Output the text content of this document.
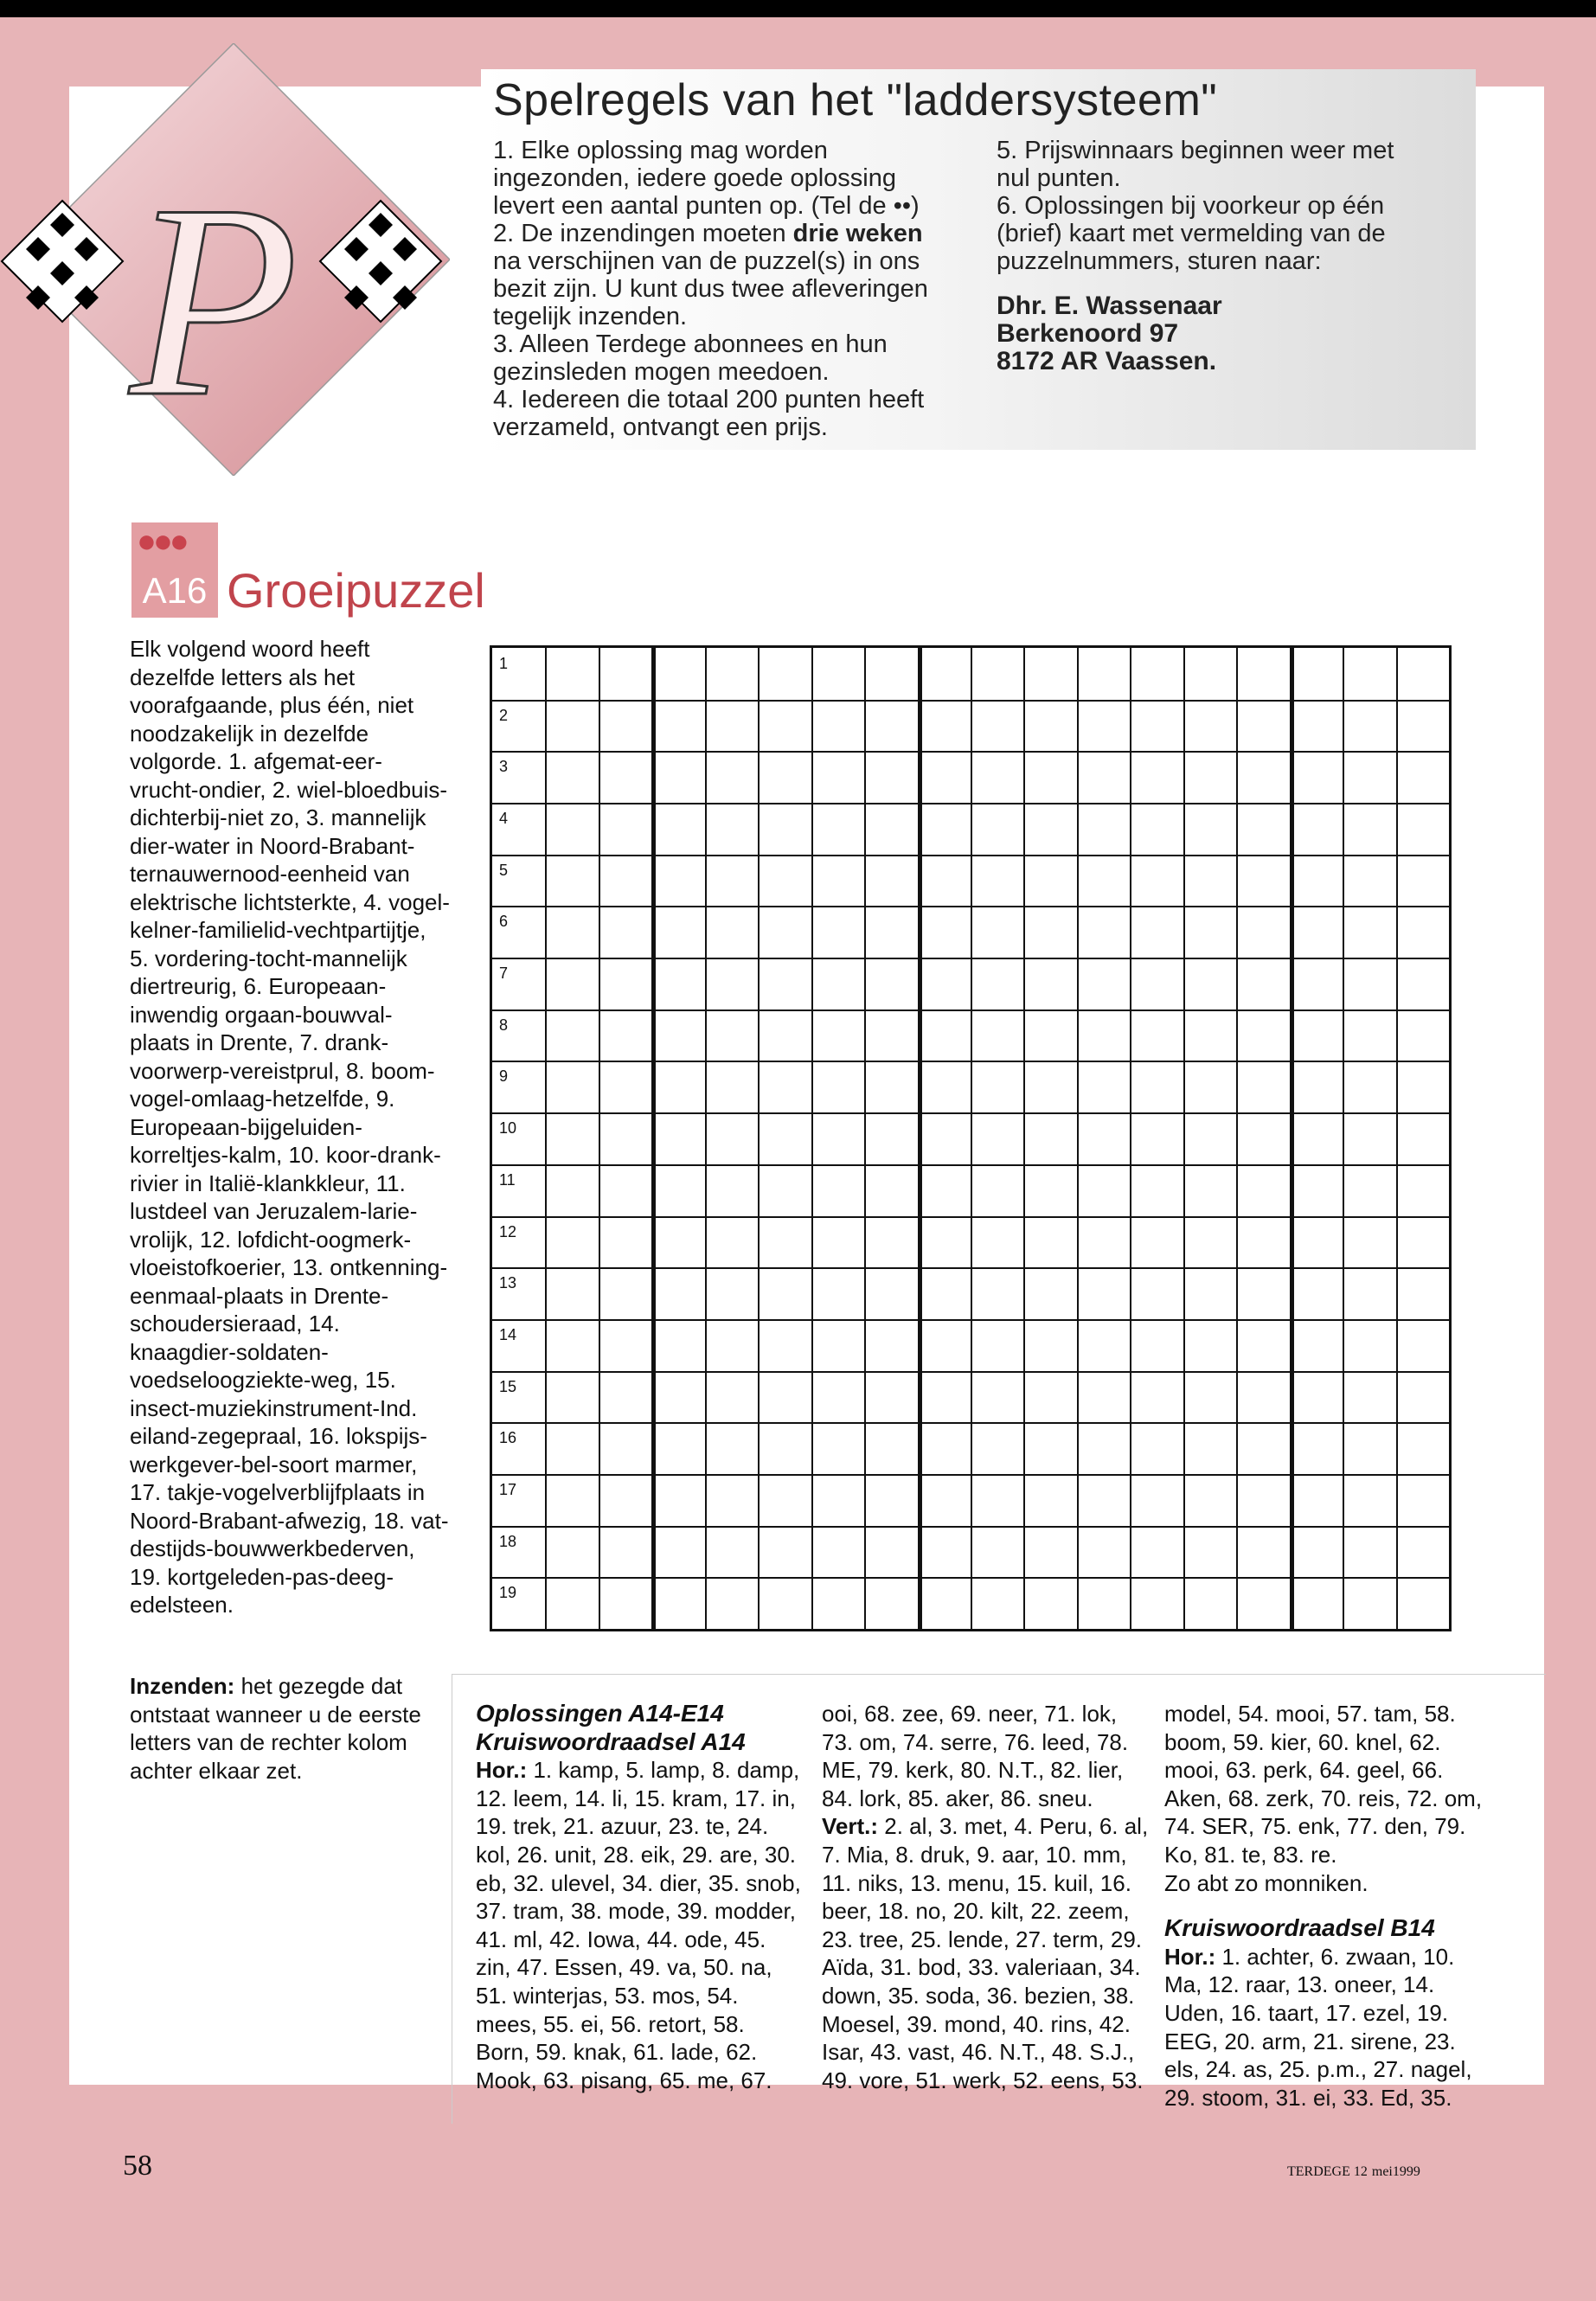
P
Spelregels van het "laddersysteem"

1. Elke oplossing mag worden ingezonden, iedere goede oplossing levert een aantal punten op. (Tel de ••)

2. De inzendingen moeten drie weken na verschijnen van de puzzel(s) in ons bezit zijn. U kunt dus twee afleveringen tegelijk inzenden.

3. Alleen Terdege abonnees en hun gezinsleden mogen meedoen.

4. Iedereen die totaal 200 punten heeft verzameld, ontvangt een prijs.

5. Prijswinnaars beginnen weer met nul punten.

6. Oplossingen bij voorkeur op één (brief) kaart met vermelding van de puzzelnummers, sturen naar:

Dhr. E. Wassenaar
Berkenoord 97
8172 AR Vaassen.

●●●
A16 Groeipuzzel
Elk volgend woord heeft dezelfde letters als het voorafgaande, plus één, niet noodzakelijk in dezelfde volgorde. 1. afgemat-eer-vrucht-ondier, 2. wiel-bloedbuis-dichterbij-niet zo, 3. mannelijk dier-water in Noord-Brabant-ternauwernood-eenheid van elektrische lichtsterkte, 4. vogel-kelner-familielid-vechtpartijtje, 5. vordering-tocht-mannelijk diertreurig, 6. Europeaan-inwendig orgaan-bouwval-plaats in Drente, 7. drank-voorwerp-vereistprul, 8. boom-vogel-omlaag-hetzelfde, 9. Europeaan-bijgeluiden-korreltjes-kalm, 10. koor-drank-rivier in Italië-klankkleur, 11. lustdeel van Jeruzalem-larie-vrolijk, 12. lofdicht-oogmerk-vloeistofkoerier, 13. ontkenning-eenmaal-plaats in Drente-schoudersieraad, 14. knaagdier-soldaten-voedseloogziekte-weg, 15. insect-muziekinstrument-Ind. eiland-zegepraal, 16. lokspijs-werkgever-bel-soort marmer, 17. takje-vogelverblijfplaats in Noord-Brabant-afwezig, 18. vat-destijds-bouwwerkbederven, 19. kortgeleden-pas-deeg-edelsteen.
Inzenden: het gezegde dat ontstaat wanneer u de eerste letters van de rechter kolom achter elkaar zet.
1
2
3
4
5
6
7
8
9
10
11
12
13
14
15
16
17
18
19
Oplossingen A14-E14
Kruiswoordraadsel A14
Hor.: 1. kamp, 5. lamp, 8. damp, 12. leem, 14. li, 15. kram, 17. in, 19. trek, 21. azuur, 23. te, 24. kol, 26. unit, 28. eik, 29. are, 30. eb, 32. ulevel, 34. dier, 35. snob, 37. tram, 38. mode, 39. modder, 41. ml, 42. Iowa, 44. ode, 45. zin, 47. Essen, 49. va, 50. na, 51. winterjas, 53. mos, 54. mees, 55. ei, 56. retort, 58. Born, 59. knak, 61. lade, 62. Mook, 63. pisang, 65. me, 67.
ooi, 68. zee, 69. neer, 71. lok, 73. om, 74. serre, 76. leed, 78. ME, 79. kerk, 80. N.T., 82. lier, 84. lork, 85. aker, 86. sneu.
Vert.: 2. al, 3. met, 4. Peru, 6. al, 7. Mia, 8. druk, 9. aar, 10. mm, 11. niks, 13. menu, 15. kuil, 16. beer, 18. no, 20. kilt, 22. zeem, 23. tree, 25. lende, 27. term, 29. Aïda, 31. bod, 33. valeriaan, 34. down, 35. soda, 36. bezien, 38. Moesel, 39. mond, 40. rins, 42. Isar, 43. vast, 46. N.T., 48. S.J., 49. vore, 51. werk, 52. eens, 53.
model, 54. mooi, 57. tam, 58. boom, 59. kier, 60. knel, 62. mooi, 63. perk, 64. geel, 66. Aken, 68. zerk, 70. reis, 72. om, 74. SER, 75. enk, 77. den, 79. Ko, 81. te, 83. re.
Zo abt zo monniken.
Kruiswoordraadsel B14
Hor.: 1. achter, 6. zwaan, 10. Ma, 12. raar, 13. oneer, 14. Uden, 16. taart, 17. ezel, 19. EEG, 20. arm, 21. sirene, 23. els, 24. as, 25. p.m., 27. nagel, 29. stoom, 31. ei, 33. Ed, 35.
58	TERDEGE 12 mei1999
